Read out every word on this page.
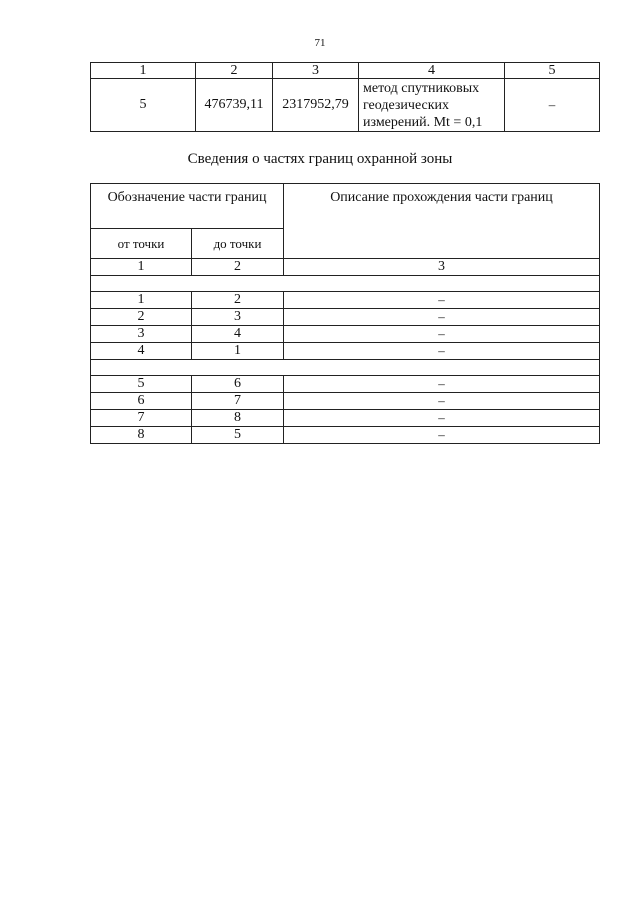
71
1	2	3	4	5
5	476739,11	2317952,79	метод спутниковых
геодезических
измерений. Mt = 0,1	–
Сведения о частях границ охранной зоны
Обозначение части границ		Описание прохождения части границ
от точки	до точки	
1	2	3

1	2	–
2	3	–
3	4	–
4	1	–

5	6	–
6	7	–
7	8	–
8	5	–
